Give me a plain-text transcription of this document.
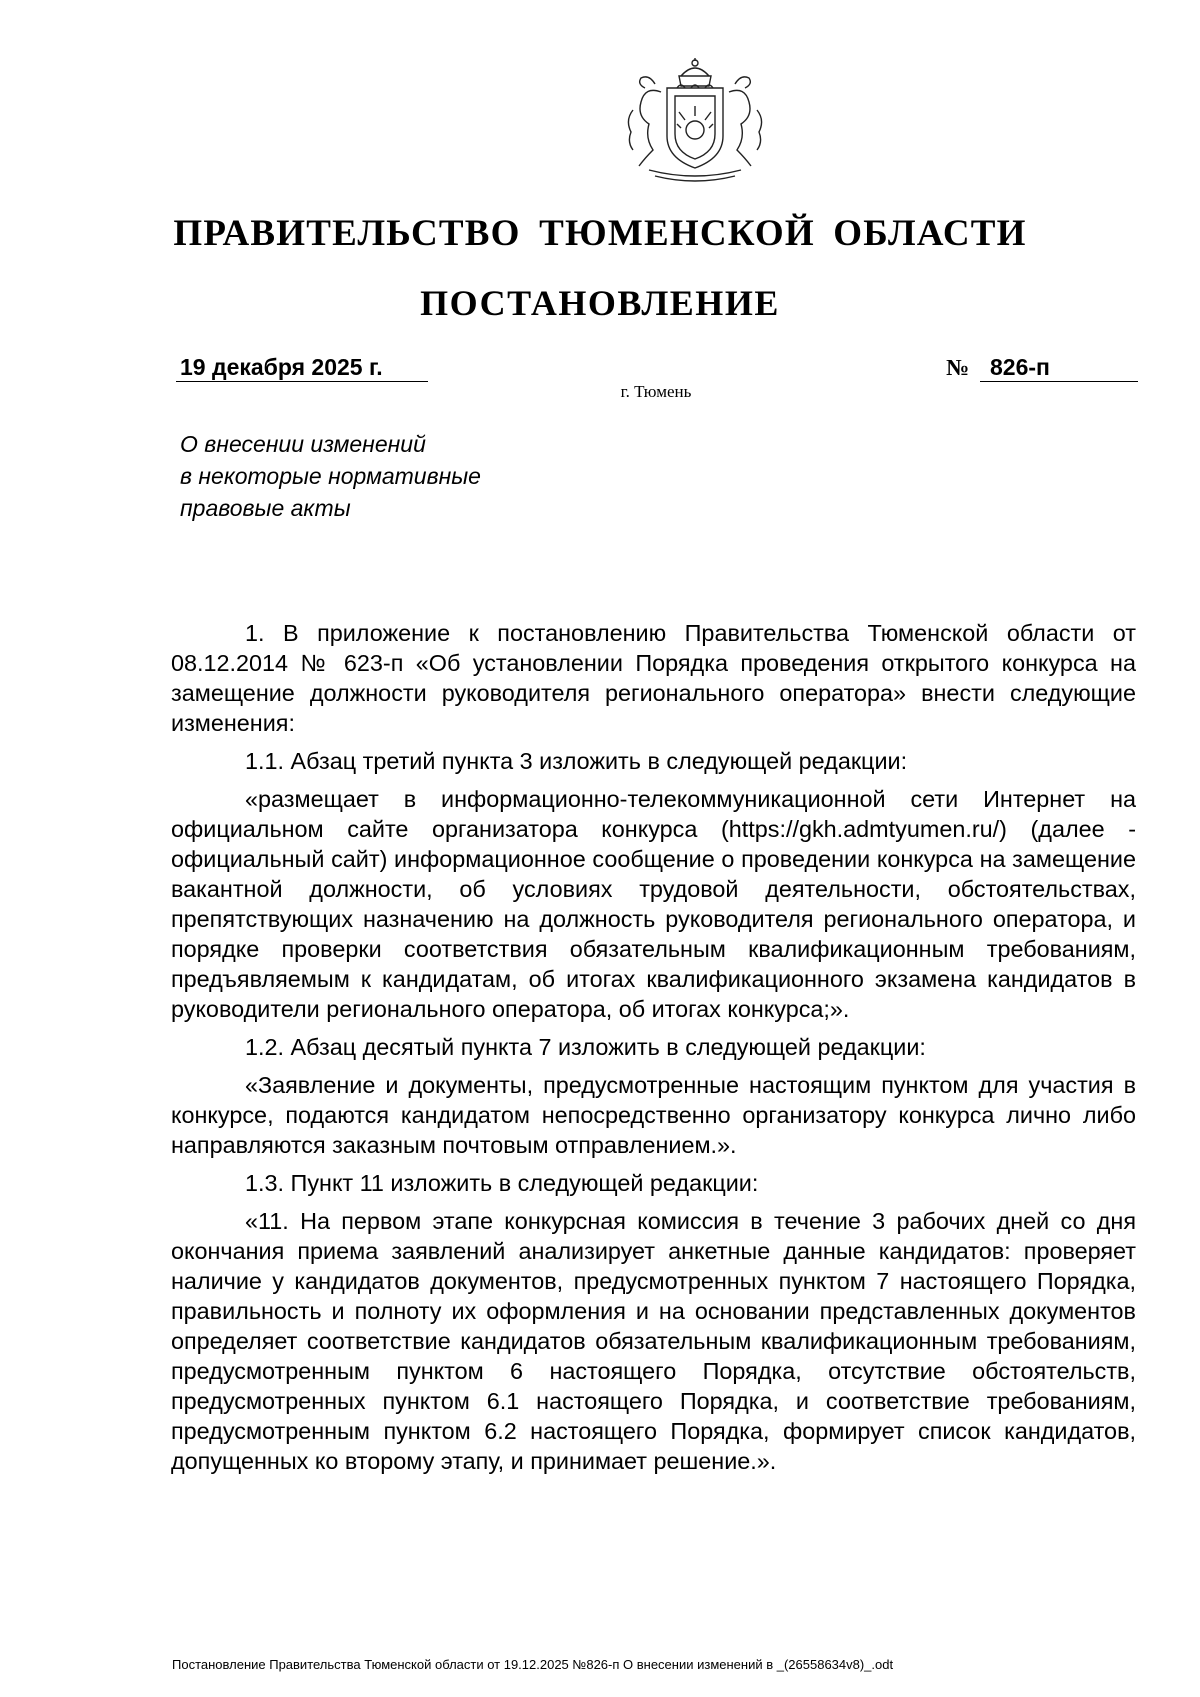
ПРАВИТЕЛЬСТВО ТЮМЕНСКОЙ ОБЛАСТИ
ПОСТАНОВЛЕНИЕ
19 декабря 2025 г.	№ 826-п
г. Тюмень
О внесении изменений
в некоторые нормативные
правовые акты

1. В приложение к постановлению Правительства Тюменской области от 08.12.2014 № 623-п «Об установлении Порядка проведения открытого конкурса на замещение должности руководителя регионального оператора» внести следующие изменения:

1.1. Абзац третий пункта 3 изложить в следующей редакции:

«размещает в информационно-телекоммуникационной сети Интернет на официальном сайте организатора конкурса (https://gkh.admtyumen.ru/) (далее - официальный сайт) информационное сообщение о проведении конкурса на замещение вакантной должности, об условиях трудовой деятельности, обстоятельствах, препятствующих назначению на должность руководителя регионального оператора, и порядке проверки соответствия обязательным квалификационным требованиям, предъявляемым к кандидатам, об итогах квалификационного экзамена кандидатов в руководители регионального оператора, об итогах конкурса;».

1.2. Абзац десятый пункта 7 изложить в следующей редакции:

«Заявление и документы, предусмотренные настоящим пунктом для участия в конкурсе, подаются кандидатом непосредственно организатору конкурса лично либо направляются заказным почтовым отправлением.».

1.3. Пункт 11 изложить в следующей редакции:

«11. На первом этапе конкурсная комиссия в течение 3 рабочих дней со дня окончания приема заявлений анализирует анкетные данные кандидатов: проверяет наличие у кандидатов документов, предусмотренных пунктом 7 настоящего Порядка, правильность и полноту их оформления и на основании представленных документов определяет соответствие кандидатов обязательным квалификационным требованиям, предусмотренным пунктом 6 настоящего Порядка, отсутствие обстоятельств, предусмотренных пунктом 6.1 настоящего Порядка, и соответствие требованиям, предусмотренным пунктом 6.2 настоящего Порядка, формирует список кандидатов, допущенных ко второму этапу, и принимает решение.».

Постановление Правительства Тюменской области от 19.12.2025 №826-п О внесении изменений в _(26558634v8)_.odt
